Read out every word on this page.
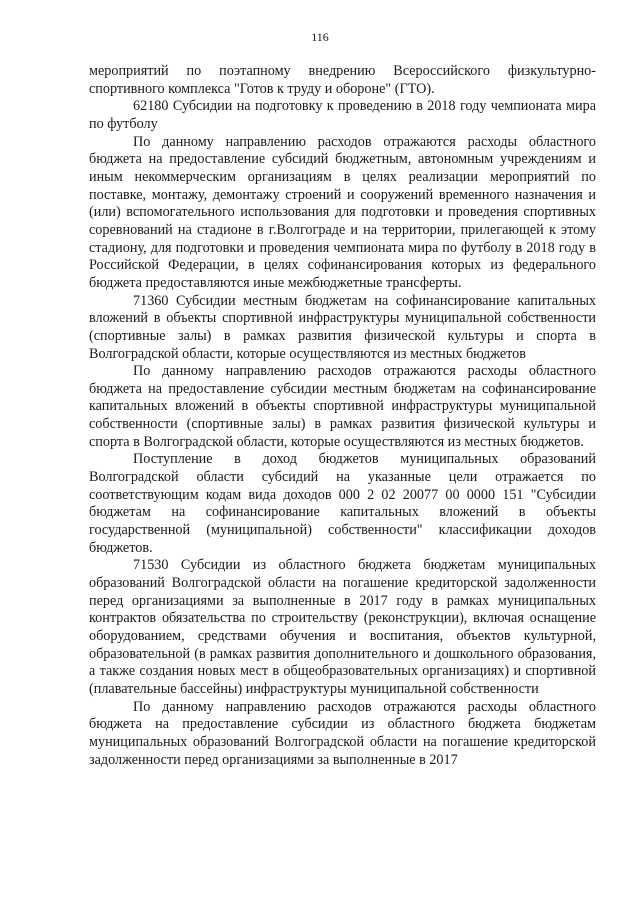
116

мероприятий по поэтапному внедрению Всероссийского физкультурно-спортивного комплекса "Готов к труду и обороне" (ГТО).

62180 Субсидии на подготовку к проведению в 2018 году чемпионата мира по футболу

По данному направлению расходов отражаются расходы областного бюджета на предоставление субсидий бюджетным, автономным учреждениям и иным некоммерческим организациям в целях реализации мероприятий по поставке, монтажу, демонтажу строений и сооружений временного назначения и (или) вспомогательного использования для подготовки и проведения спортивных соревнований на стадионе в г.Волгограде и на территории, прилегающей к этому стадиону, для подготовки и проведения чемпионата мира по футболу в 2018 году в Российской Федерации, в целях софинансирования которых из федерального бюджета предоставляются иные межбюджетные трансферты.

71360 Субсидии местным бюджетам на софинансирование капитальных вложений в объекты спортивной инфраструктуры муниципальной собственности (спортивные залы) в рамках развития физической культуры и спорта в Волгоградской области, которые осуществляются из местных бюджетов

По данному направлению расходов отражаются расходы областного бюджета на предоставление субсидии местным бюджетам на софинансирование капитальных вложений в объекты спортивной инфраструктуры муниципальной собственности (спортивные залы) в рамках развития физической культуры и спорта в Волгоградской области, которые осуществляются из местных бюджетов.

Поступление в доход бюджетов муниципальных образований Волгоградской области субсидий на указанные цели отражается по соответствующим кодам вида доходов 000 2 02 20077 00 0000 151 "Субсидии бюджетам на софинансирование капитальных вложений в объекты государственной (муниципальной) собственности" классификации доходов бюджетов.

71530 Субсидии из областного бюджета бюджетам муниципальных образований Волгоградской области на погашение кредиторской задолженности перед организациями за выполненные в 2017 году в рамках муниципальных контрактов обязательства по строительству (реконструкции), включая оснащение оборудованием, средствами обучения и воспитания, объектов культурной, образовательной (в рамках развития дополнительного и дошкольного образования, а также создания новых мест в общеобразовательных организациях) и спортивной (плавательные бассейны) инфраструктуры муниципальной собственности

По данному направлению расходов отражаются расходы областного бюджета на предоставление субсидии из областного бюджета бюджетам муниципальных образований Волгоградской области на погашение кредиторской задолженности перед организациями за выполненные в 2017
